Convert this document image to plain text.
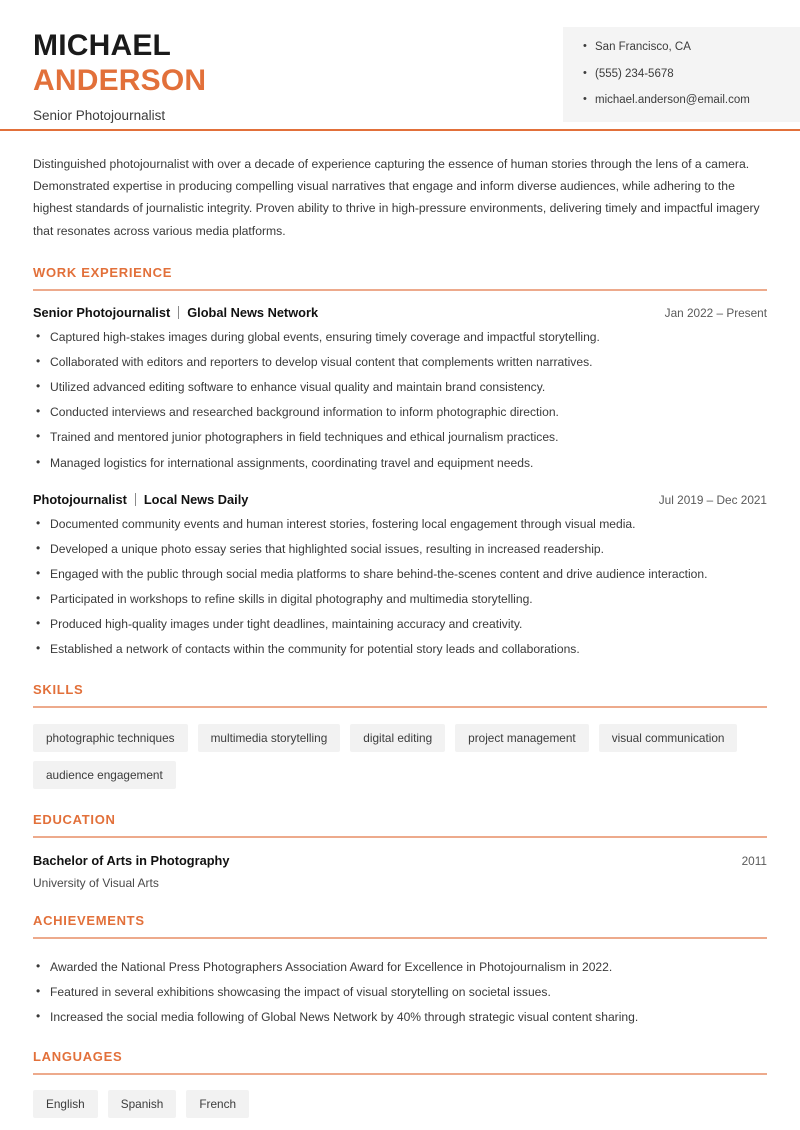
MICHAEL
ANDERSON
Senior Photojournalist
• San Francisco, CA
• (555) 234-5678
• michael.anderson@email.com
Distinguished photojournalist with over a decade of experience capturing the essence of human stories through the lens of a camera. Demonstrated expertise in producing compelling visual narratives that engage and inform diverse audiences, while adhering to the highest standards of journalistic integrity. Proven ability to thrive in high-pressure environments, delivering timely and impactful imagery that resonates across various media platforms.
WORK EXPERIENCE
Senior Photojournalist Global News Network	Jan 2022 – Present
• Captured high-stakes images during global events, ensuring timely coverage and impactful storytelling.
• Collaborated with editors and reporters to develop visual content that complements written narratives.
• Utilized advanced editing software to enhance visual quality and maintain brand consistency.
• Conducted interviews and researched background information to inform photographic direction.
• Trained and mentored junior photographers in field techniques and ethical journalism practices.
• Managed logistics for international assignments, coordinating travel and equipment needs.
Photojournalist Local News Daily	Jul 2019 – Dec 2021
• Documented community events and human interest stories, fostering local engagement through visual media.
• Developed a unique photo essay series that highlighted social issues, resulting in increased readership.
• Engaged with the public through social media platforms to share behind-the-scenes content and drive audience interaction.
• Participated in workshops to refine skills in digital photography and multimedia storytelling.
• Produced high-quality images under tight deadlines, maintaining accuracy and creativity.
• Established a network of contacts within the community for potential story leads and collaborations.
SKILLS
photographic techniques	multimedia storytelling	digital editing	project management	visual communication
audience engagement
EDUCATION
Bachelor of Arts in Photography	2011
University of Visual Arts
ACHIEVEMENTS
• Awarded the National Press Photographers Association Award for Excellence in Photojournalism in 2022.
• Featured in several exhibitions showcasing the impact of visual storytelling on societal issues.
• Increased the social media following of Global News Network by 40% through strategic visual content sharing.
LANGUAGES
English	Spanish	French
